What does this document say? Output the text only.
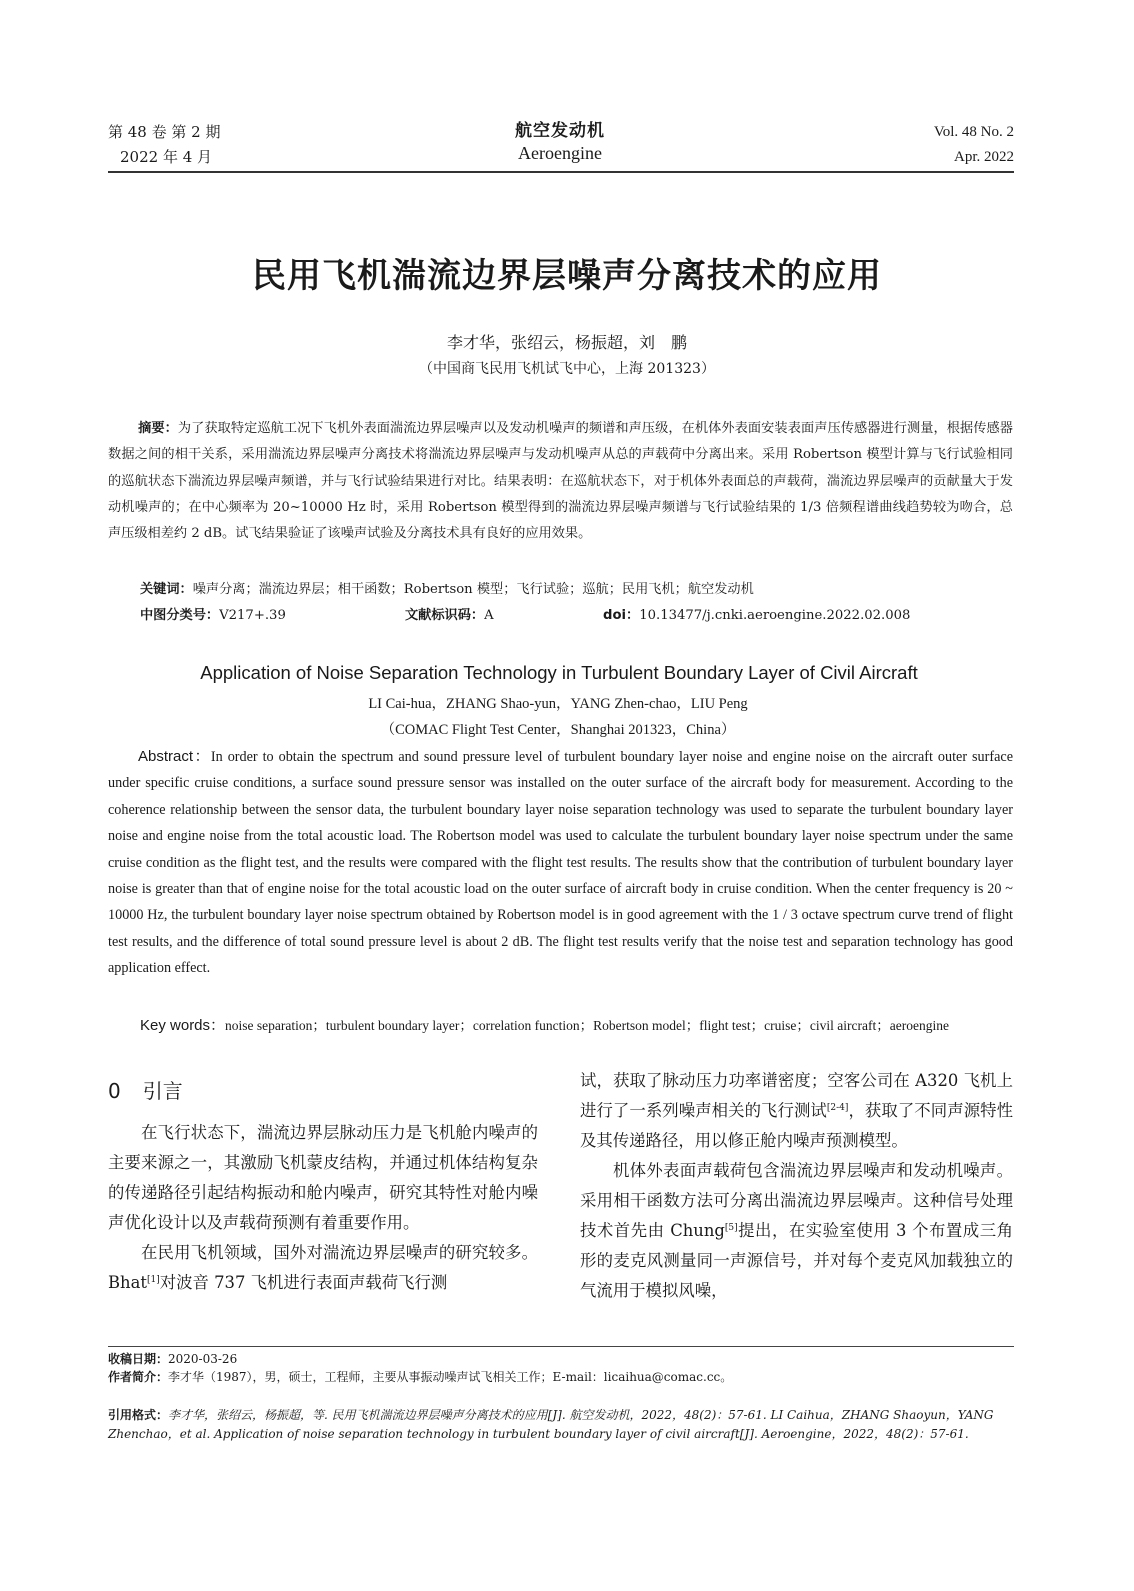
第 48 卷 第 2 期
2022 年 4 月
航空发动机
Aeroengine
Vol. 48 No. 2
Apr. 2022
民用飞机湍流边界层噪声分离技术的应用
李才华，张绍云，杨振超，刘　鹏
（中国商飞民用飞机试飞中心，上海 201323）
摘要：为了获取特定巡航工况下飞机外表面湍流边界层噪声以及发动机噪声的频谱和声压级，在机体外表面安装表面声压传感器进行测量，根据传感器数据之间的相干关系，采用湍流边界层噪声分离技术将湍流边界层噪声与发动机噪声从总的声载荷中分离出来。采用 Robertson 模型计算与飞行试验相同的巡航状态下湍流边界层噪声频谱，并与飞行试验结果进行对比。结果表明：在巡航状态下，对于机体外表面总的声载荷，湍流边界层噪声的贡献量大于发动机噪声的；在中心频率为 20~10000 Hz 时，采用 Robertson 模型得到的湍流边界层噪声频谱与飞行试验结果的 1/3 倍频程谱曲线趋势较为吻合，总声压级相差约 2 dB。试飞结果验证了该噪声试验及分离技术具有良好的应用效果。
关键词：噪声分离；湍流边界层；相干函数；Robertson 模型；飞行试验；巡航；民用飞机；航空发动机
中图分类号：V217+.39	文献标识码：A	doi：10.13477/j.cnki.aeroengine.2022.02.008
Application of Noise Separation Technology in Turbulent Boundary Layer of Civil Aircraft
LI Cai-hua，ZHANG Shao-yun，YANG Zhen-chao，LIU Peng
（COMAC Flight Test Center，Shanghai 201323，China）
Abstract：In order to obtain the spectrum and sound pressure level of turbulent boundary layer noise and engine noise on the aircraft outer surface under specific cruise conditions, a surface sound pressure sensor was installed on the outer surface of the aircraft body for measurement. According to the coherence relationship between the sensor data, the turbulent boundary layer noise separation technology was used to separate the turbulent boundary layer noise and engine noise from the total acoustic load. The Robertson model was used to calculate the turbulent boundary layer noise spectrum under the same cruise condition as the flight test, and the results were compared with the flight test results. The results show that the contribution of turbulent boundary layer noise is greater than that of engine noise for the total acoustic load on the outer surface of aircraft body in cruise condition. When the center frequency is 20 ~ 10000 Hz, the turbulent boundary layer noise spectrum obtained by Robertson model is in good agreement with the 1 / 3 octave spectrum curve trend of flight test results, and the difference of total sound pressure level is about 2 dB. The flight test results verify that the noise test and separation technology has good application effect.
Key words：noise separation；turbulent boundary layer；correlation function；Robertson model；flight test；cruise；civil aircraft；aeroengine
0 引言
在飞行状态下，湍流边界层脉动压力是飞机舱内噪声的主要来源之一，其激励飞机蒙皮结构，并通过机体结构复杂的传递路径引起结构振动和舱内噪声，研究其特性对舱内噪声优化设计以及声载荷预测有着重要作用。
在民用飞机领域，国外对湍流边界层噪声的研究较多。Bhat[1]对波音 737 飞机进行表面声载荷飞行测
试，获取了脉动压力功率谱密度；空客公司在 A320 飞机上进行了一系列噪声相关的飞行测试[2-4]，获取了不同声源特性及其传递路径，用以修正舱内噪声预测模型。
机体外表面声载荷包含湍流边界层噪声和发动机噪声。采用相干函数方法可分离出湍流边界层噪声。这种信号处理技术首先由 Chung[5]提出，在实验室使用 3 个布置成三角形的麦克风测量同一声源信号，并对每个麦克风加载独立的气流用于模拟风噪，
收稿日期：2020-03-26
作者简介：李才华（1987），男，硕士，工程师，主要从事振动噪声试飞相关工作；E-mail：licaihua@comac.cc。
引用格式：李才华，张绍云，杨振超，等. 民用飞机湍流边界层噪声分离技术的应用[J]. 航空发动机，2022，48(2)：57-61. LI Caihua，ZHANG Shaoyun，YANG Zhenchao，et al. Application of noise separation technology in turbulent boundary layer of civil aircraft[J]. Aeroengine，2022，48(2)：57-61.
